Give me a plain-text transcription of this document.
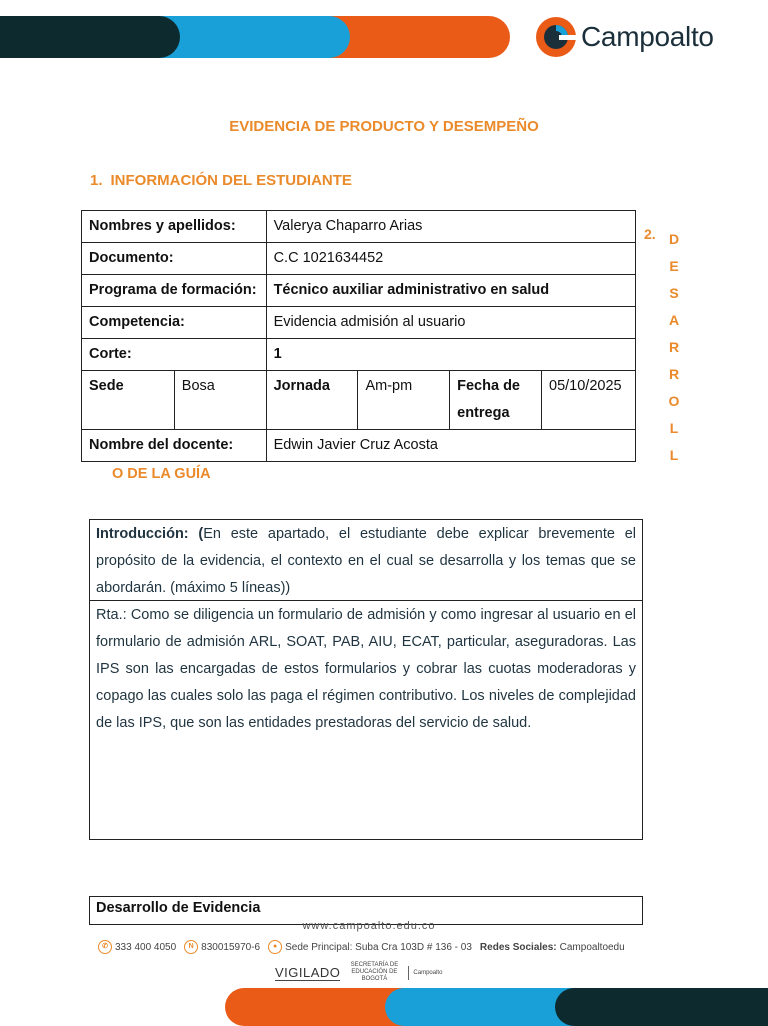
Campoalto
EVIDENCIA DE PRODUCTO Y DESEMPEÑO
1. INFORMACIÓN DEL ESTUDIANTE
Nombres y apellidos:		Valerya Chaparro Arias			
Documento:		C.C 1021634452			
Programa de formación:		Técnico auxiliar administrativo en salud			
Competencia:		Evidencia admisión al usuario			
Corte:		1			
Sede	Bosa	Jornada	Am-pm	Fecha de entrega	05/10/2025
Nombre del docente:		Edwin Javier Cruz Acosta			
2. D
E
S
A
R
R
O
L
L
O DE LA GUÍA
Introducción: (En este apartado, el estudiante debe explicar brevemente el propósito de la evidencia, el contexto en el cual se desarrolla y los temas que se abordarán. (máximo 5 líneas))
Rta.: Como se diligencia un formulario de admisión y como ingresar al usuario en el formulario de admisión ARL, SOAT, PAB, AIU, ECAT, particular, aseguradoras. Las IPS son las encargadas de estos formularios y cobrar las cuotas moderadoras y copago las cuales solo las paga el régimen contributivo. Los niveles de complejidad de las IPS, que son las entidades prestadoras del servicio de salud.
Desarrollo de Evidencia
www.campoalto.edu.co
✆ 333 400 4050	N 830015970-6	● Sede Principal: Suba Cra 103D # 136 - 03 Redes Sociales: Campoaltoedu
VIGILADO	SECRETARÍA DE EDUCACIÓN DE BOGOTÁ
Campoalto
